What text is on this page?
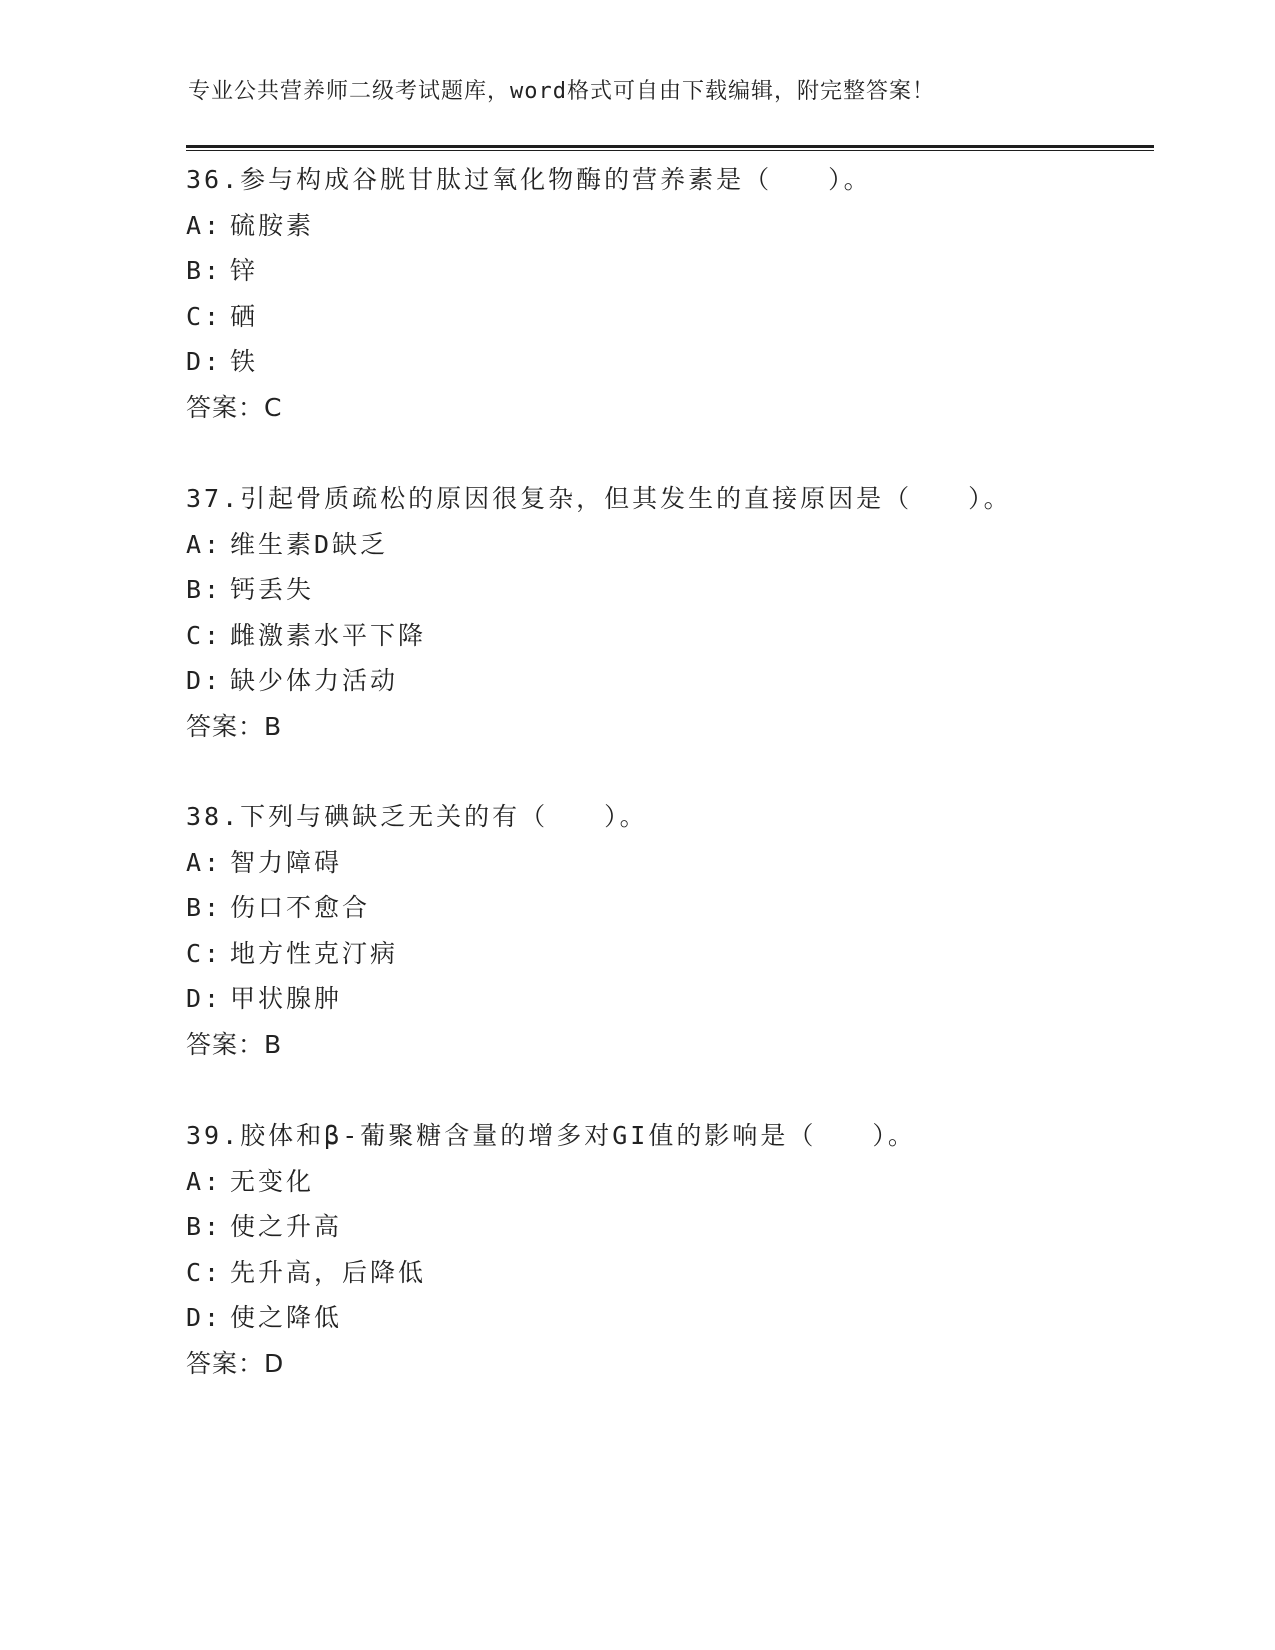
专业公共营养师二级考试题库，word格式可自由下载编辑，附完整答案！
36.参与构成谷胱甘肽过氧化物酶的营养素是（　　）。
A: 硫胺素
B: 锌
C: 硒
D: 铁
答案：C
37.引起骨质疏松的原因很复杂，但其发生的直接原因是（　　）。
A: 维生素D缺乏
B: 钙丢失
C: 雌激素水平下降
D: 缺少体力活动
答案：B
38.下列与碘缺乏无关的有（　　）。
A: 智力障碍
B: 伤口不愈合
C: 地方性克汀病
D: 甲状腺肿
答案：B
39.胶体和β-葡聚糖含量的增多对GI值的影响是（　　）。
A: 无变化
B: 使之升高
C: 先升高，后降低
D: 使之降低
答案：D
